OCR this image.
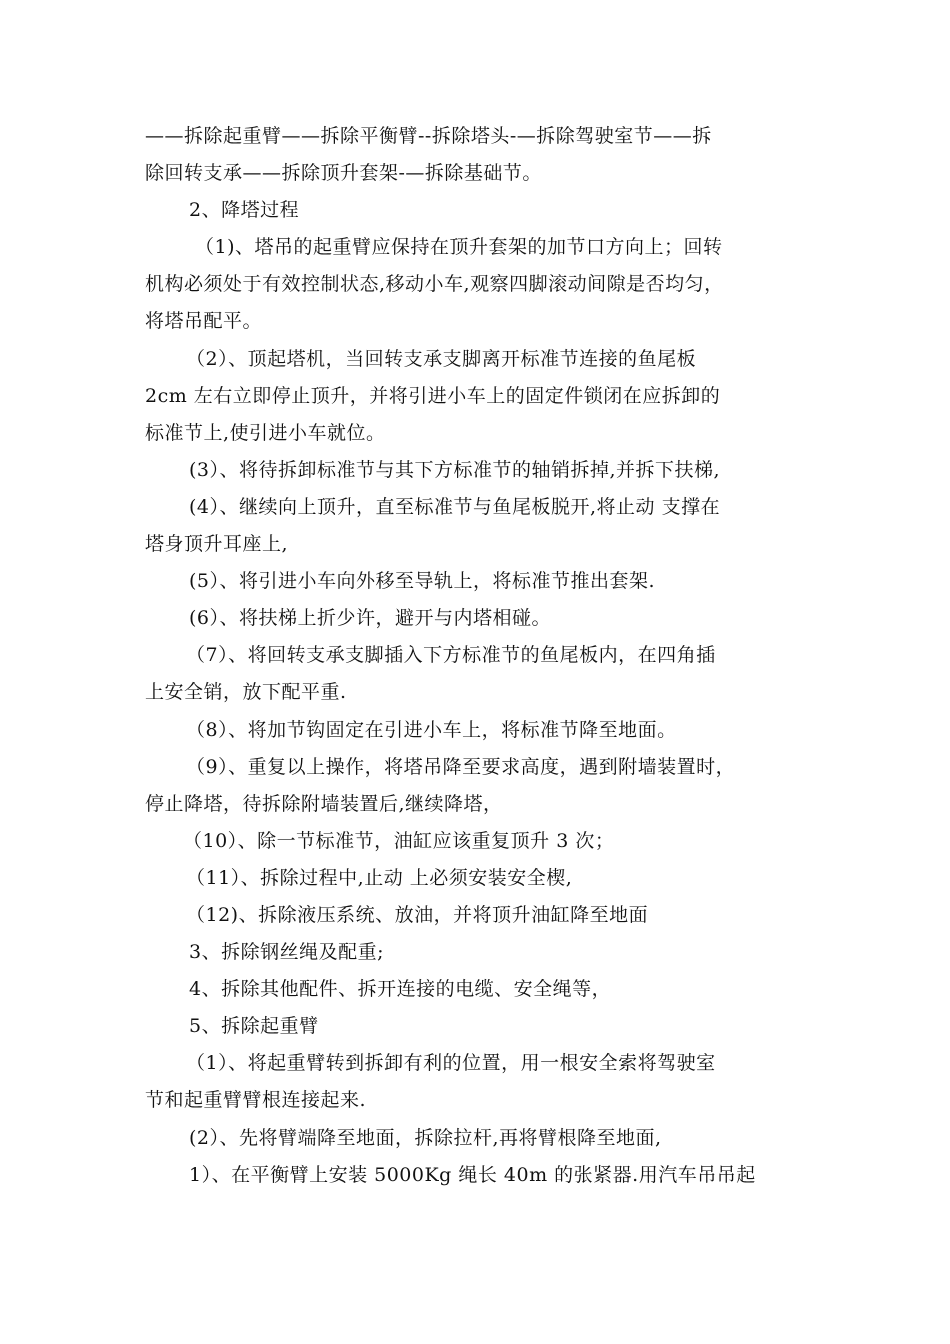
——拆除起重臂——拆除平衡臂--拆除塔头-—拆除驾驶室节——拆
除回转支承——拆除顶升套架-—拆除基础节。
2、降塔过程
（1)、塔吊的起重臂应保持在顶升套架的加节口方向上；回转
机构必须处于有效控制状态,移动小车,观察四脚滚动间隙是否均匀，
将塔吊配平。
（2）、顶起塔机，当回转支承支脚离开标准节连接的鱼尾板
2cm 左右立即停止顶升，并将引进小车上的固定件锁闭在应拆卸的
标准节上,使引进小车就位。
(3）、将待拆卸标准节与其下方标准节的轴销拆掉,并拆下扶梯,
(4）、继续向上顶升，直至标准节与鱼尾板脱开,将止动 支撑在
塔身顶升耳座上,
(5）、将引进小车向外移至导轨上，将标准节推出套架.
(6）、将扶梯上折少许，避开与内塔相碰。
（7）、将回转支承支脚插入下方标准节的鱼尾板内，在四角插
上安全销，放下配平重.
（8）、将加节钩固定在引进小车上，将标准节降至地面。
（9）、重复以上操作，将塔吊降至要求高度，遇到附墙装置时，
停止降塔，待拆除附墙装置后,继续降塔，
（10）、除一节标准节，油缸应该重复顶升 3 次；
（11）、拆除过程中,止动 上必须安装安全楔,
（12)、拆除液压系统、放油，并将顶升油缸降至地面
3、拆除钢丝绳及配重;
4、拆除其他配件、拆开连接的电缆、安全绳等，
5、拆除起重臂
（1）、将起重臂转到拆卸有利的位置，用一根安全索将驾驶室
节和起重臂臂根连接起来.
(2）、先将臂端降至地面，拆除拉杆,再将臂根降至地面,
1）、在平衡臂上安装 5000Kg 绳长 40m 的张紧器.用汽车吊吊起
